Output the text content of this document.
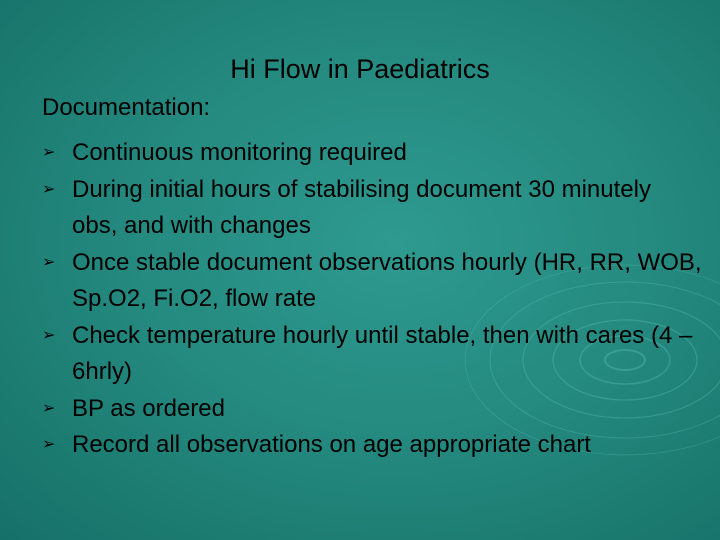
Hi Flow in Paediatrics
Documentation:
➢ Continuous monitoring required
➢ During initial hours of stabilising document 30 minutely obs, and with changes
➢ Once stable document observations hourly (HR, RR, WOB, Sp.O2, Fi.O2, flow rate
➢ Check temperature hourly until stable, then with cares (4 – 6hrly)
➢ BP as ordered
➢ Record all observations on age appropriate chart
